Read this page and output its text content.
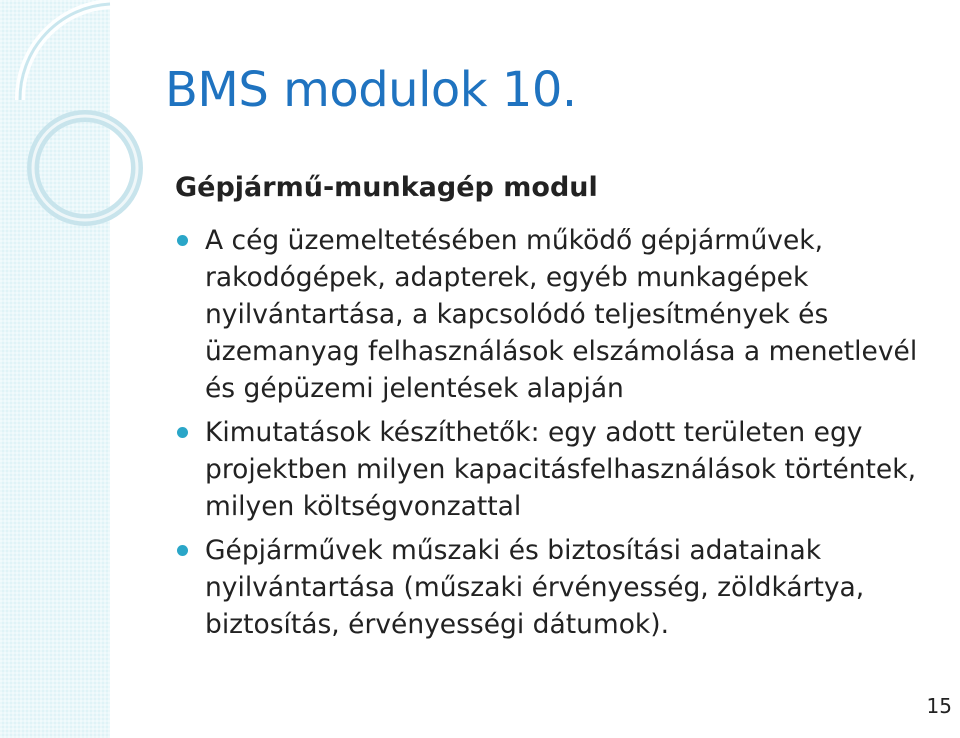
BMS modulok 10.
Gépjármű-munkagép modul
A cég üzemeltetésében működő gépjárművek, rakodógépek, adapterek, egyéb munkagépek nyilvántartása, a kapcsolódó teljesítmények és üzemanyag felhasználások elszámolása a menetlevél és gépüzemi jelentések alapján
Kimutatások készíthetők: egy adott területen egy projektben milyen kapacitásfelhasználások történtek, milyen költségvonzattal
Gépjárművek műszaki és biztosítási adatainak nyilvántartása (műszaki érvényesség, zöldkártya, biztosítás, érvényességi dátumok).
15
